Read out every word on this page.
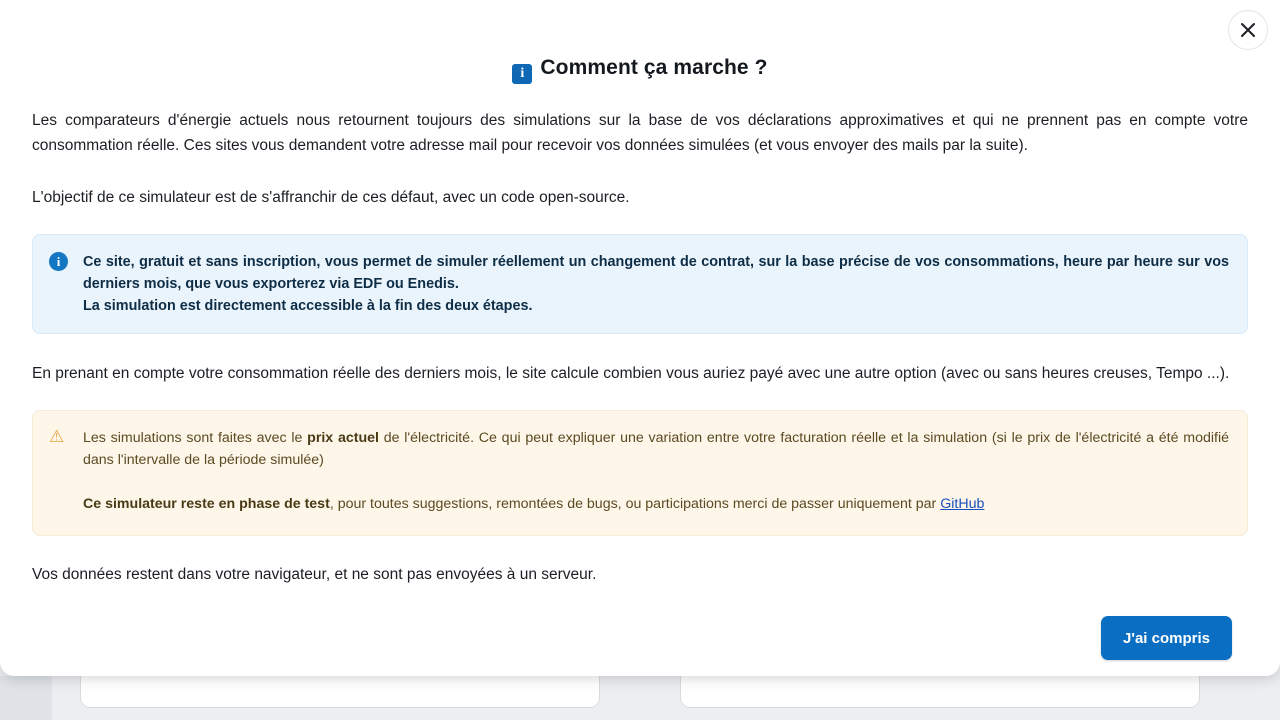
i Comment ça marche ?

Les comparateurs d'énergie actuels nous retournent toujours des simulations sur la base de vos déclarations approximatives et qui ne prennent pas en compte votre consommation réelle. Ces sites vous demandent votre adresse mail pour recevoir vos données simulées (et vous envoyer des mails par la suite).

L'objectif de ce simulateur est de s'affranchir de ces défaut, avec un code open-source.

i	Ce site, gratuit et sans inscription, vous permet de simuler réellement un changement de contrat, sur la base précise de vos consommations, heure par heure sur vos derniers mois, que vous exporterez via EDF ou Enedis.
La simulation est directement accessible à la fin des deux étapes.

En prenant en compte votre consommation réelle des derniers mois, le site calcule combien vous auriez payé avec une autre option (avec ou sans heures creuses, Tempo ...).

⚠	Les simulations sont faites avec le prix actuel de l'électricité. Ce qui peut expliquer une variation entre votre facturation réelle et la simulation (si le prix de l'électricité a été modifié dans l'intervalle de la période simulée)

Ce simulateur reste en phase de test, pour toutes suggestions, remontées de bugs, ou participations merci de passer uniquement par GitHub

Vos données restent dans votre navigateur, et ne sont pas envoyées à un serveur.

J'ai compris
